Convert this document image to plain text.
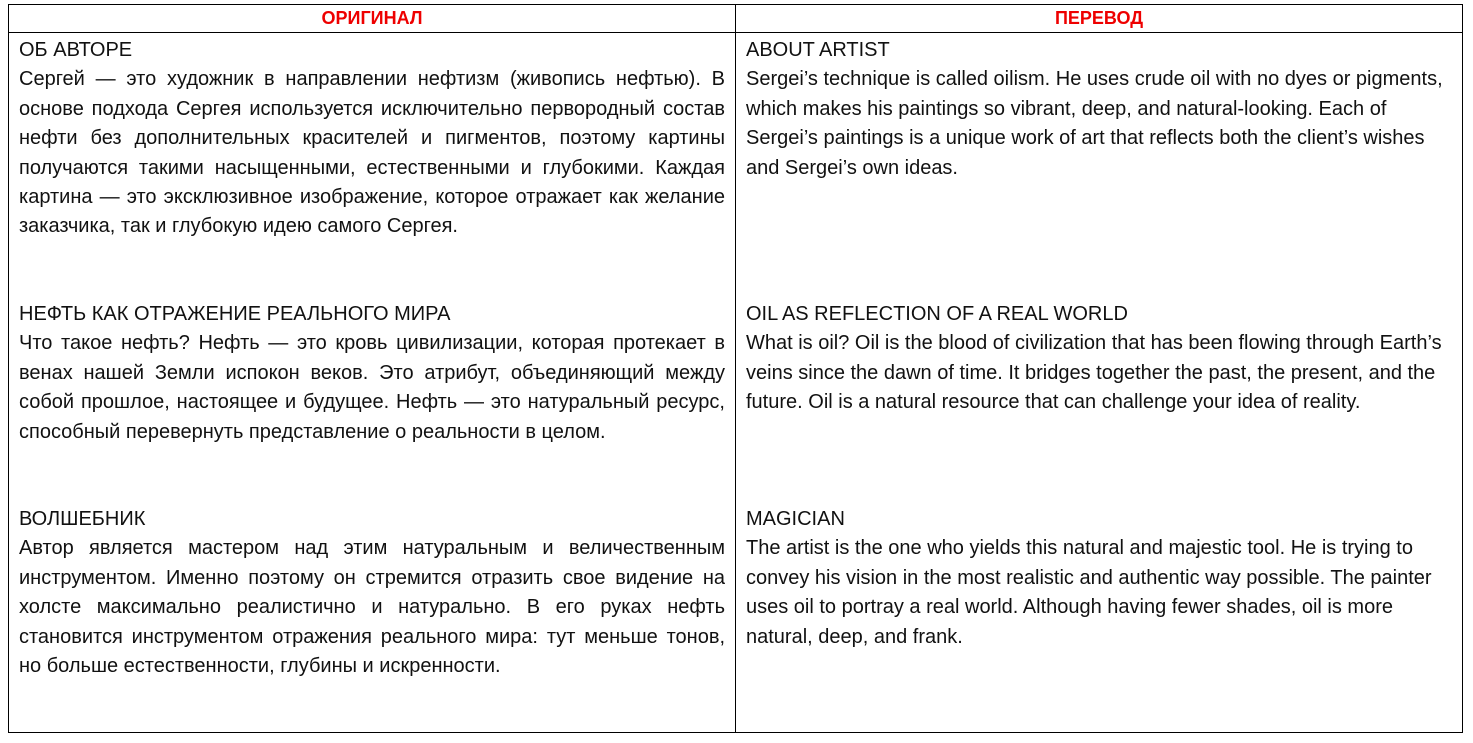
ОРИГИНАЛ	ПЕРЕВОД

ОБ АВТОРЕ

Сергей — это художник в направлении нефтизм (живопись нефтью). В основе подхода Сергея используется исключительно первородный состав нефти без дополнительных красителей и пигментов, поэтому картины получаются такими насыщенными, естественными и глубокими. Каждая картина — это эксклюзивное изображение, которое отражает как желание заказчика, так и глубокую идею самого Сергея.

НЕФТЬ КАК ОТРАЖЕНИЕ РЕАЛЬНОГО МИРА

Что такое нефть? Нефть — это кровь цивилизации, которая протекает в венах нашей Земли испокон веков. Это атрибут, объединяющий между собой прошлое, настоящее и будущее. Нефть — это натуральный ресурс, способный перевернуть представление о реальности в целом.

ВОЛШЕБНИК

Автор является мастером над этим натуральным и величественным инструментом. Именно поэтому он стремится отразить свое видение на холсте максимально реалистично и натурально. В его руках нефть становится инструментом отражения реального мира: тут меньше тонов, но больше естественности, глубины и искренности.

ABOUT ARTIST

Sergei’s technique is called oilism. He uses crude oil with no dyes or pigments, which makes his paintings so vibrant, deep, and natural-looking. Each of Sergei’s paintings is a unique work of art that reflects both the client’s wishes and Sergei’s own ideas.

OIL AS REFLECTION OF A REAL WORLD

What is oil? Oil is the blood of civilization that has been flowing through Earth’s veins since the dawn of time. It bridges together the past, the present, and the future. Oil is a natural resource that can challenge your idea of reality.

MAGICIAN

The artist is the one who yields this natural and majestic tool. He is trying to convey his vision in the most realistic and authentic way possible. The painter uses oil to portray a real world. Although having fewer shades, oil is more natural, deep, and frank.
